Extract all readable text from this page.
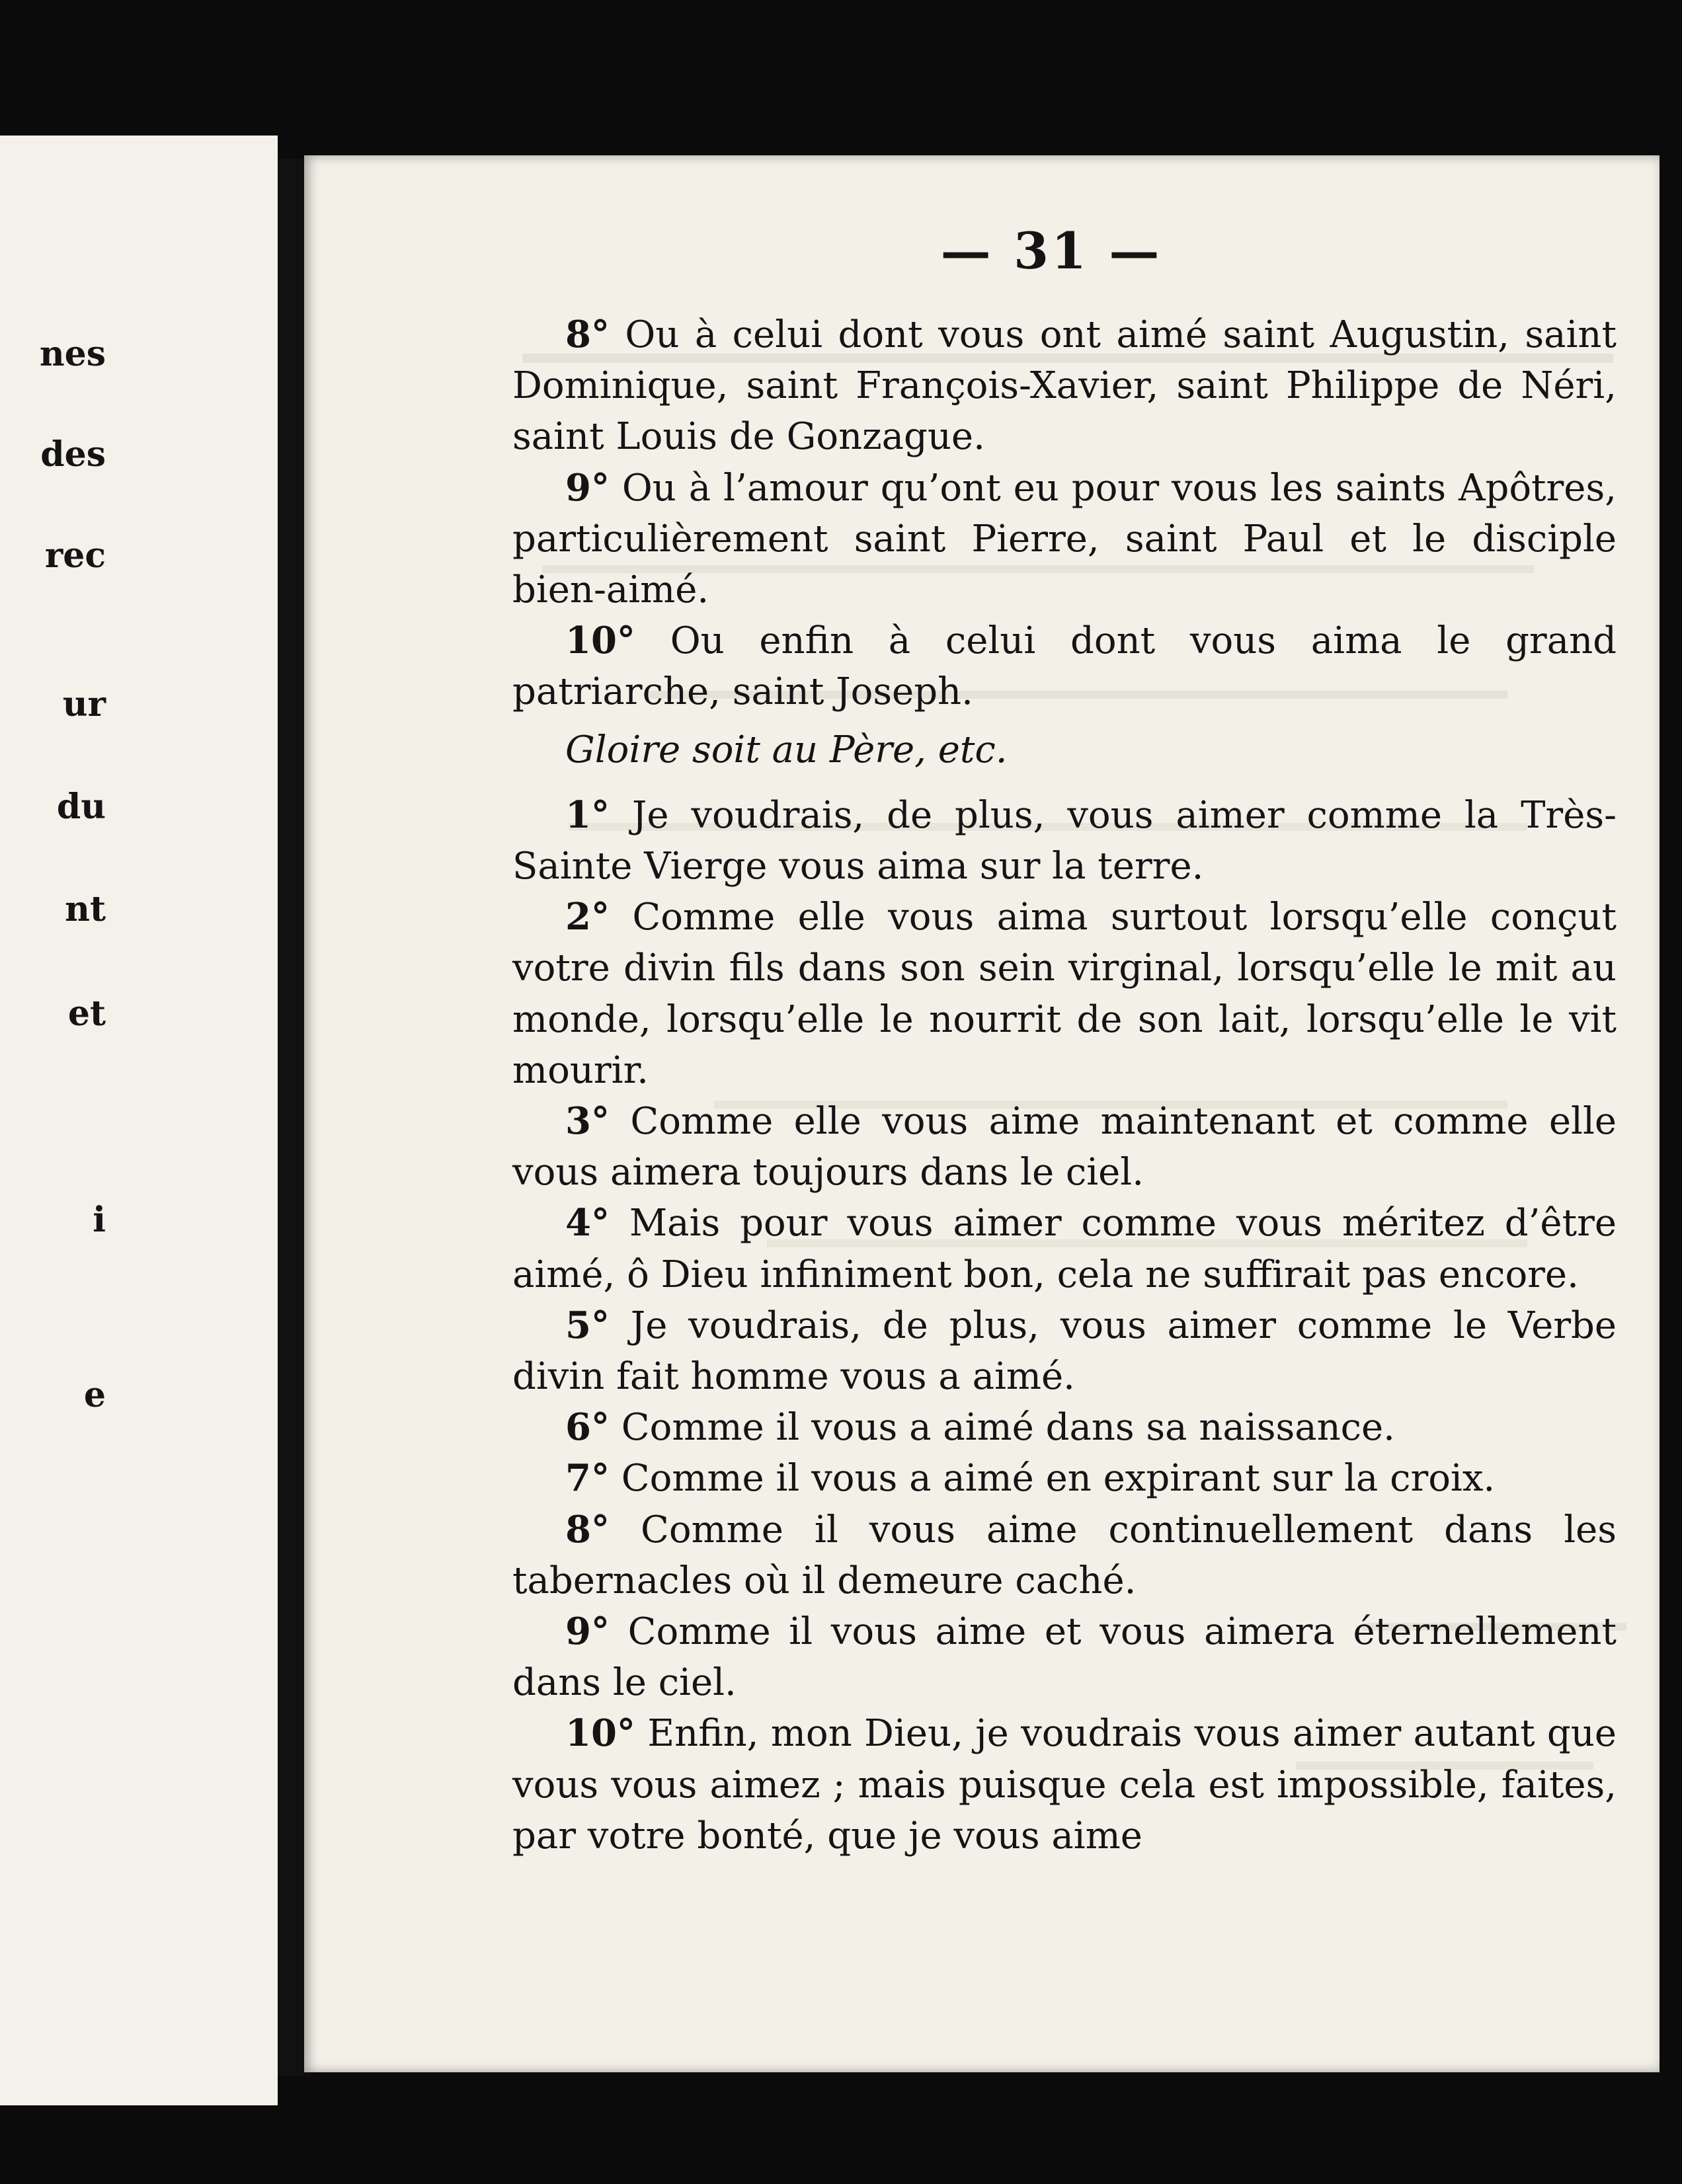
nes
des
rec
ur
du
nt
et
i
e
— 31 —

8° Ou à celui dont vous ont aimé saint Augustin, saint Dominique, saint François-Xavier, saint Philippe de Néri, saint Louis de Gonzague.

9° Ou à l’amour qu’ont eu pour vous les saints Apôtres, particulièrement saint Pierre, saint Paul et le disciple bien-aimé.

10° Ou enfin à celui dont vous aima le grand patriarche, saint Joseph.

Gloire soit au Père, etc.

1° Je voudrais, de plus, vous aimer comme la Très-Sainte Vierge vous aima sur la terre.

2° Comme elle vous aima surtout lorsqu’elle conçut votre divin fils dans son sein virginal, lorsqu’elle le mit au monde, lorsqu’elle le nourrit de son lait, lorsqu’elle le vit mourir.

3° Comme elle vous aime maintenant et comme elle vous aimera toujours dans le ciel.

4° Mais pour vous aimer comme vous méritez d’être aimé, ô Dieu infiniment bon, cela ne suffirait pas encore.

5° Je voudrais, de plus, vous aimer comme le Verbe divin fait homme vous a aimé.

6° Comme il vous a aimé dans sa naissance.

7° Comme il vous a aimé en expirant sur la croix.

8° Comme il vous aime continuellement dans les tabernacles où il demeure caché.

9° Comme il vous aime et vous aimera éternellement dans le ciel.

10° Enfin, mon Dieu, je voudrais vous aimer autant que vous vous aimez ; mais puisque cela est impossible, faites, par votre bonté, que je vous aime
